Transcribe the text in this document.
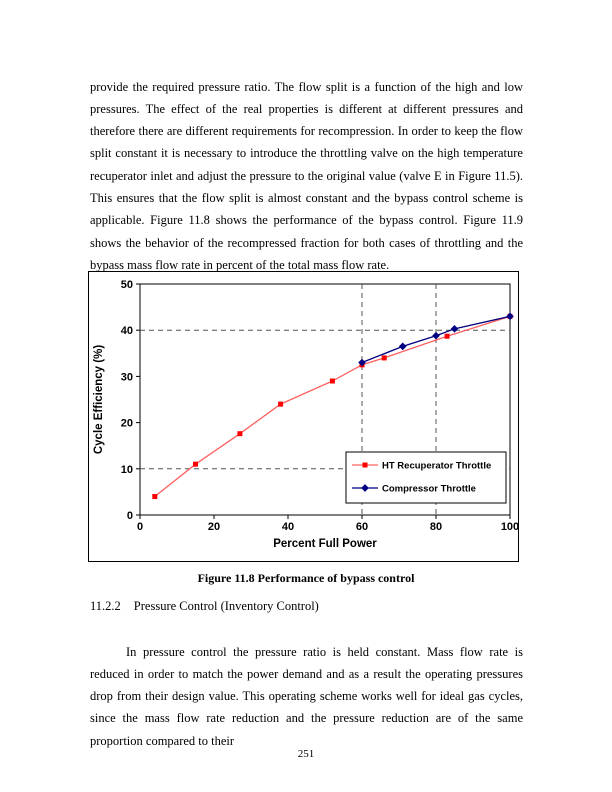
provide the required pressure ratio. The flow split is a function of the high and low pressures. The effect of the real properties is different at different pressures and therefore there are different requirements for recompression. In order to keep the flow split constant it is necessary to introduce the throttling valve on the high temperature recuperator inlet and adjust the pressure to the original value (valve E in Figure 11.5). This ensures that the flow split is almost constant and the bypass control scheme is applicable. Figure 11.8 shows the performance of the bypass control. Figure 11.9 shows the behavior of the recompressed fraction for both cases of throttling and the bypass mass flow rate in percent of the total mass flow rate.

0
10
20
30
40
50
0	20	40	60	80	100
Cycle Efficiency (%)
Percent Full Power
HT Recuperator Throttle
Compressor Throttle
Figure 11.8 Performance of bypass control
11.2.2 Pressure Control (Inventory Control)

In pressure control the pressure ratio is held constant. Mass flow rate is reduced in order to match the power demand and as a result the operating pressures drop from their design value. This operating scheme works well for ideal gas cycles, since the mass flow rate reduction and the pressure reduction are of the same proportion compared to their

251
